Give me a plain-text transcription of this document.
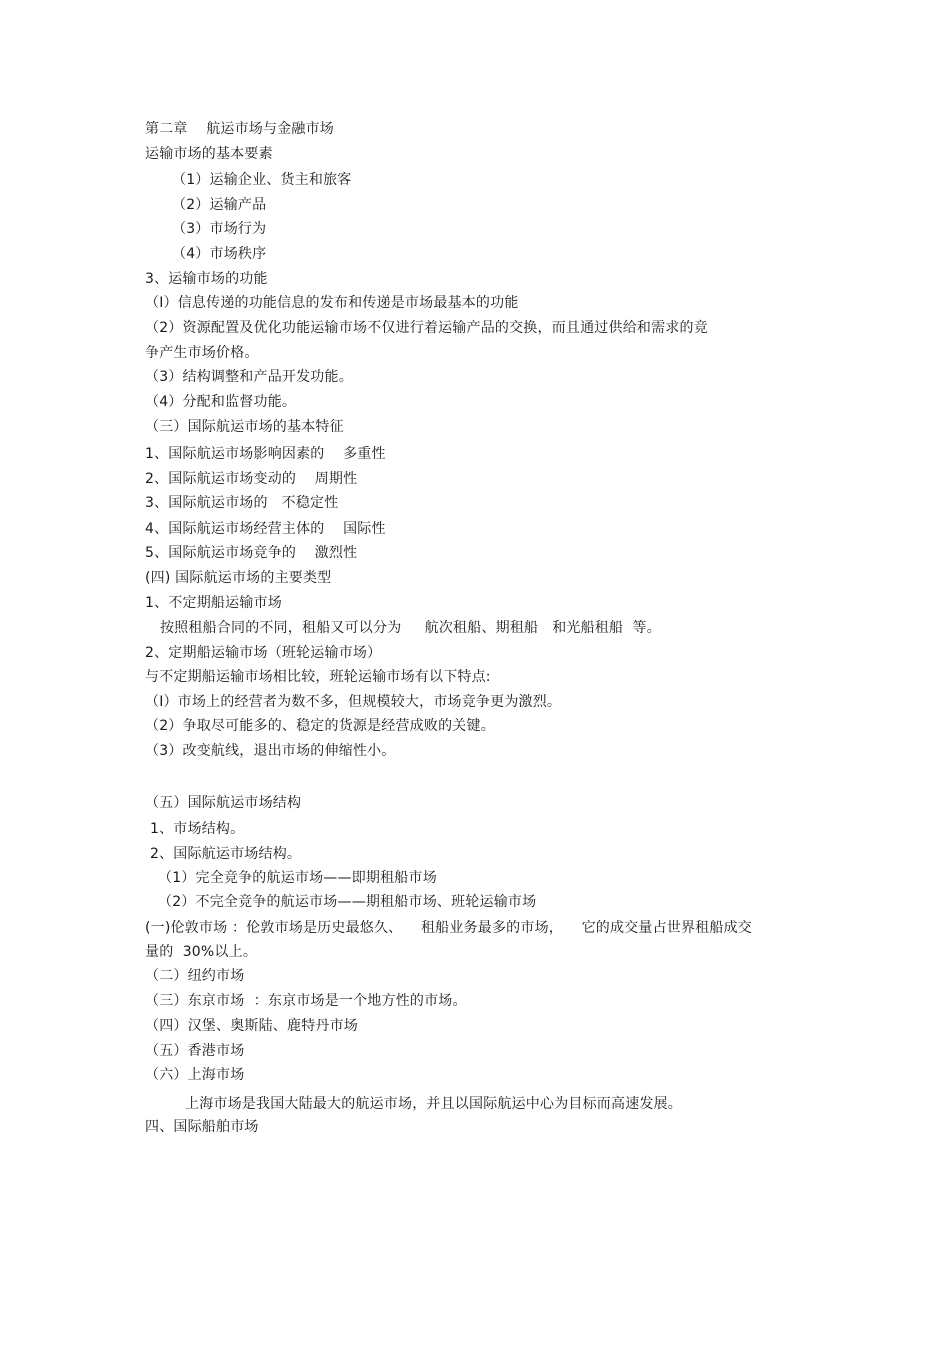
第二章    航运市场与金融市场
运输市场的基本要素
（1）运输企业、货主和旅客
（2）运输产品
（3）市场行为
（4）市场秩序
3、运输市场的功能
（I）信息传递的功能信息的发布和传递是市场最基本的功能
（2）资源配置及优化功能运输市场不仅进行着运输产品的交换，而且通过供给和需求的竞
争产生市场价格。
（3）结构调整和产品开发功能。
（4）分配和监督功能。
（三）国际航运市场的基本特征
1、国际航运市场影响因素的    多重性
2、国际航运市场变动的    周期性
3、国际航运市场的   不稳定性
4、国际航运市场经营主体的    国际性
5、国际航运市场竞争的    激烈性
(四) 国际航运市场的主要类型
1、不定期船运输市场
按照租船合同的不同，租船又可以分为     航次租船、期租船   和光船租船  等。
2、定期船运输市场（班轮运输市场）
与不定期船运输市场相比较，班轮运输市场有以下特点:
（I）市场上的经营者为数不多，但规模较大，市场竞争更为激烈。
（2）争取尽可能多的、稳定的货源是经营成败的关键。
（3）改变航线，退出市场的伸缩性小。
（五）国际航运市场结构
1、市场结构。
2、国际航运市场结构。
（1）完全竞争的航运市场——即期租船市场
（2）不完全竞争的航运市场——期租船市场、班轮运输市场
(一)伦敦市场 ：伦敦市场是历史最悠久、    租船业务最多的市场，    它的成交量占世界租船成交
量的  30%以上。
（二）纽约市场
（三）东京市场  ：东京市场是一个地方性的市场。
（四）汉堡、奥斯陆、鹿特丹市场
（五）香港市场
（六）上海市场
上海市场是我国大陆最大的航运市场，并且以国际航运中心为目标而高速发展。
四、国际船舶市场
